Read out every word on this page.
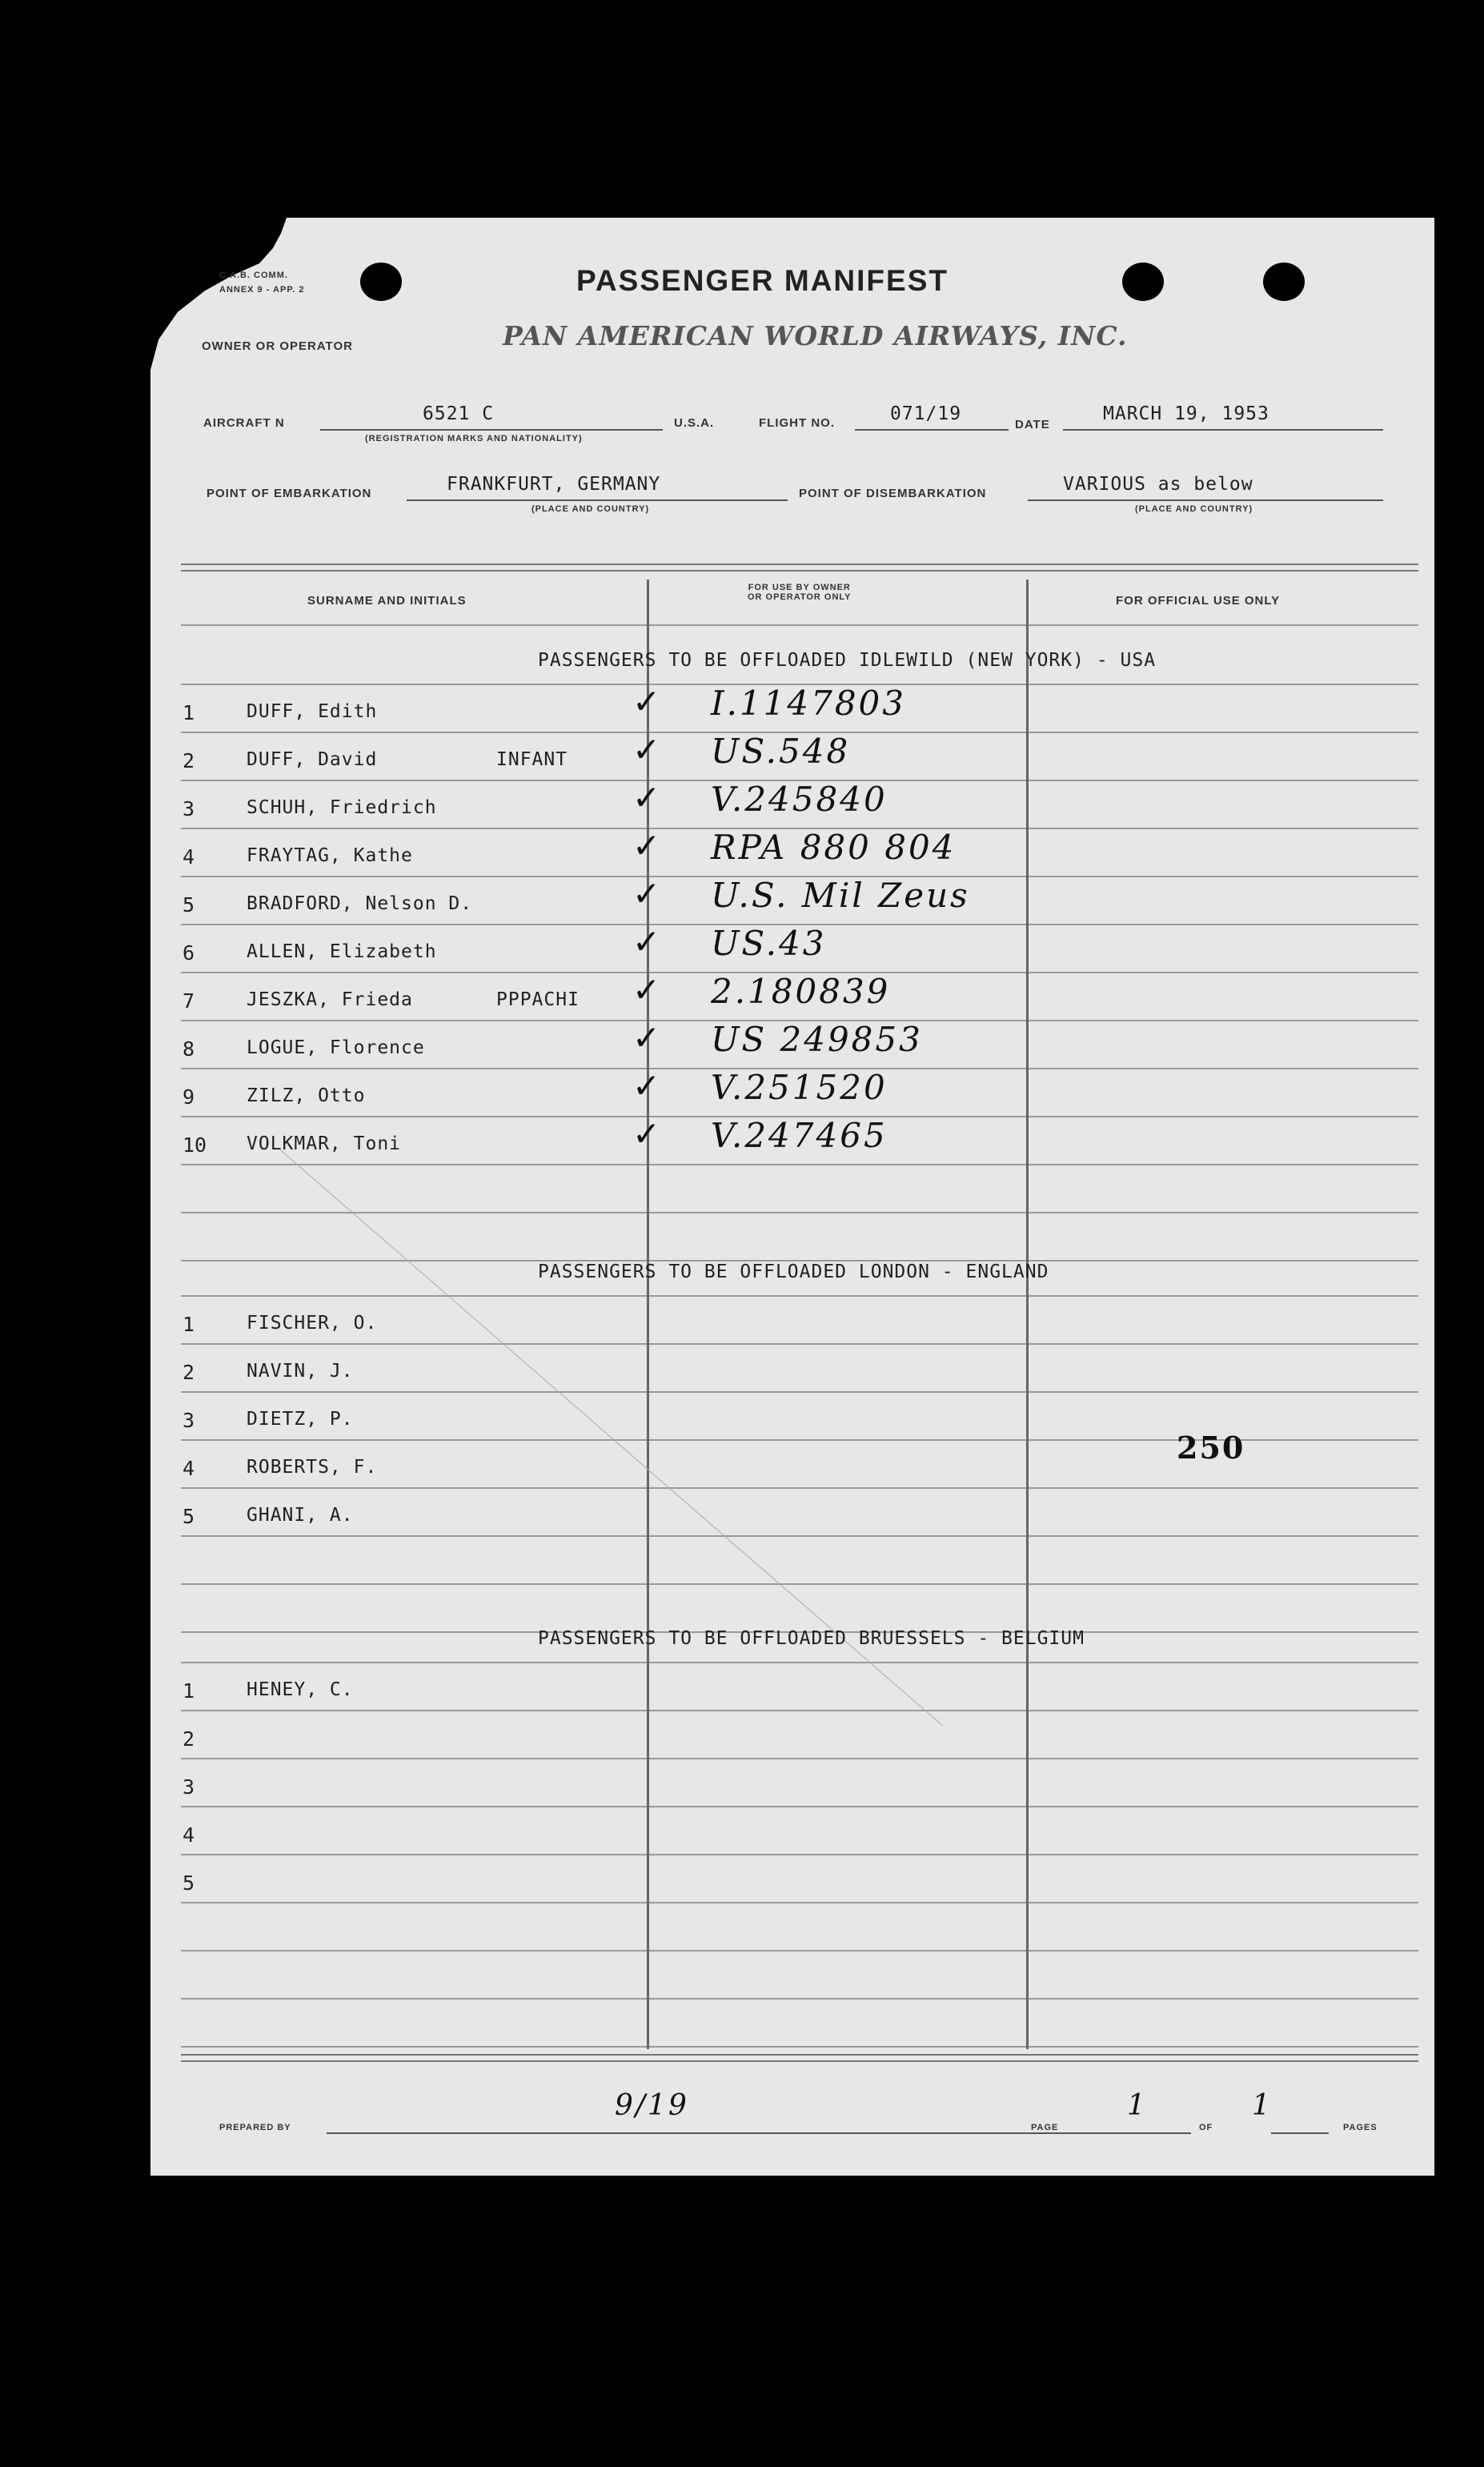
C.A.B. COMM.
ANNEX 9 - APP. 2	PASSENGER MANIFEST
OWNER OR OPERATOR	PAN AMERICAN WORLD AIRWAYS, INC.
AIRCRAFT N	6521 C
(REGISTRATION MARKS AND NATIONALITY)
U.S.A.	FLIGHT NO.	071/19
DATE
MARCH 19, 1953
POINT OF EMBARKATION	FRANKFURT, GERMANY
(PLACE AND COUNTRY)
POINT OF DISEMBARKATION	VARIOUS as below
(PLACE AND COUNTRY)
SURNAME AND INITIALS
FOR USE BY OWNER
OR OPERATOR ONLY	FOR OFFICIAL USE ONLY
PASSENGERS TO BE OFFLOADED IDLEWILD (NEW YORK) - USA
1	DUFF, Edith	✓ I.1147803
2	DUFF, David	INFANT ✓ US.548
3	SCHUH, Friedrich	✓ V.245840
4	FRAYTAG, Kathe	✓ RPA 880 804
5	BRADFORD, Nelson D.	✓ U.S. Mil Zeus
6	ALLEN, Elizabeth	✓ US.43
7	JESZKA, Frieda	PPPACHI ✓ 2.180839
8	LOGUE, Florence	✓ US 249853
9	ZILZ, Otto	✓ V.251520
10 VOLKMAR, Toni	✓ V.247465
PASSENGERS TO BE OFFLOADED LONDON - ENGLAND
1	FISCHER, O.
2	NAVIN, J.
3	DIETZ, P.
4	ROBERTS, F.
5	GHANI, A.
PASSENGERS TO BE OFFLOADED BRUESSELS - BELGIUM
1	HENEY, C.
2
3
4
5
250
PREPARED BY
9/19
PAGE
1
OF
1
PAGES
